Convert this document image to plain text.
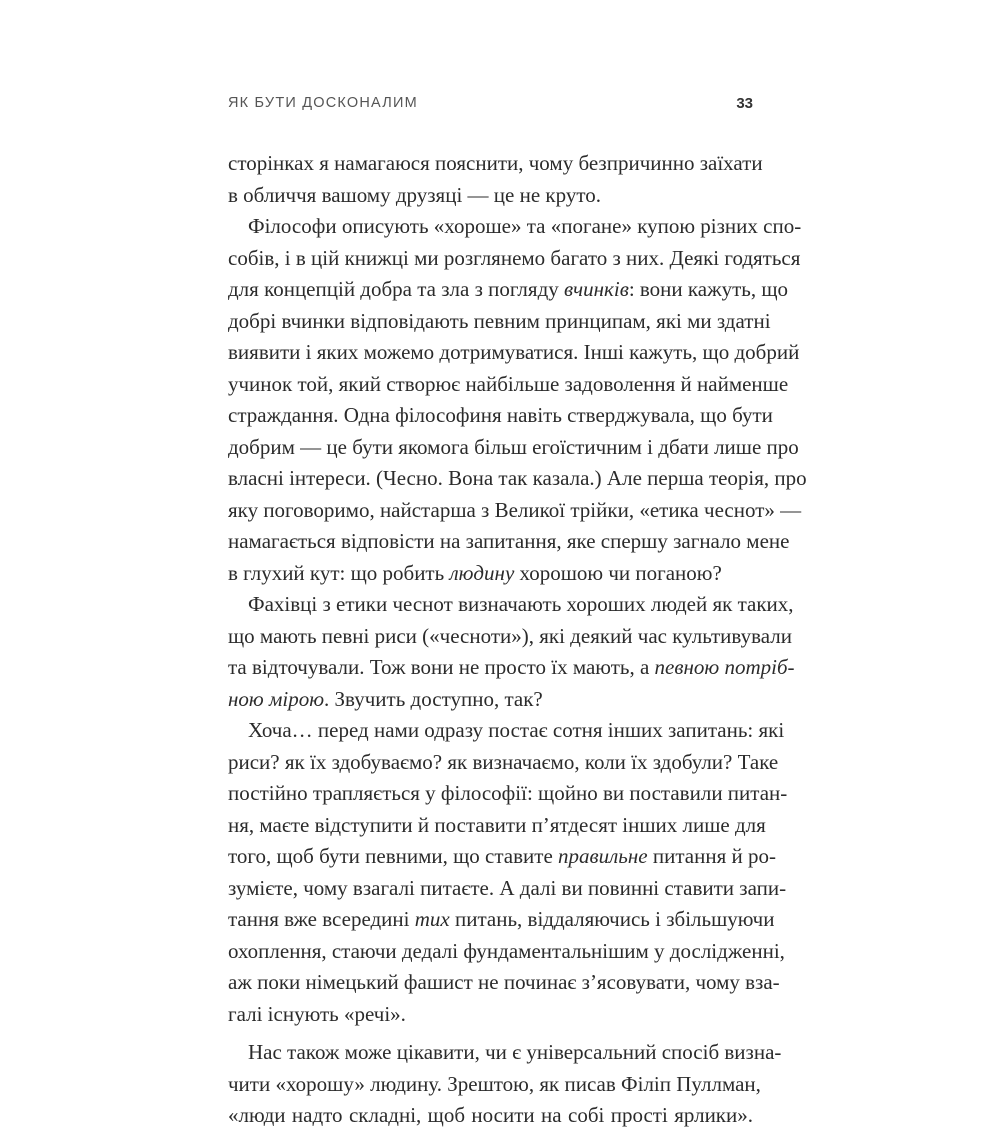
ЯК БУТИ ДОСКОНАЛИМ	33
сторінках я намагаюся пояснити, чому безпричинно заїхати
в обличчя вашому друзяці — це не круто.
Філософи описують «хороше» та «погане» купою різних спо-
собів, і в цій книжці ми розглянемо багато з них. Деякі годяться
для концепцій добра та зла з погляду вчинків: вони кажуть, що
добрі вчинки відповідають певним принципам, які ми здатні
виявити і яких можемо дотримуватися. Інші кажуть, що добрий
учинок той, який створює найбільше задоволення й найменше
страждання. Одна філософиня навіть стверджувала, що бути
добрим — це бути якомога більш егоїстичним і дбати лише про
власні інтереси. (Чесно. Вона так казала.) Але перша теорія, про
яку поговоримо, найстарша з Великої трійки, «етика чеснот» —
намагається відповісти на запитання, яке спершу загнало мене
в глухий кут: що робить людину хорошою чи поганою?
Фахівці з етики чеснот визначають хороших людей як таких,
що мають певні риси («чесноти»), які деякий час культивували
та відточували. Тож вони не просто їх мають, а певною потріб-
ною мірою. Звучить доступно, так?
Хоча… перед нами одразу постає сотня інших запитань: які
риси? як їх здобуваємо? як визначаємо, коли їх здобули? Таке
постійно трапляється у філософії: щойно ви поставили питан-
ня, маєте відступити й поставити п’ятдесят інших лише для
того, щоб бути певними, що ставите правильне питання й ро-
зумієте, чому взагалі питаєте. А далі ви повинні ставити запи-
тання вже всередині тих питань, віддаляючись і збільшуючи
охоплення, стаючи дедалі фундаментальнішим у дослідженні,
аж поки німецький фашист не починає з’ясовувати, чому взa-
галі існують «речі».
Нас також може цікавити, чи є універсальний спосіб визна-
чити «хорошу» людину. Зрештою, як писав Філіп Пуллман,
«люди надто складні, щоб носити на собі прості ярлики».
